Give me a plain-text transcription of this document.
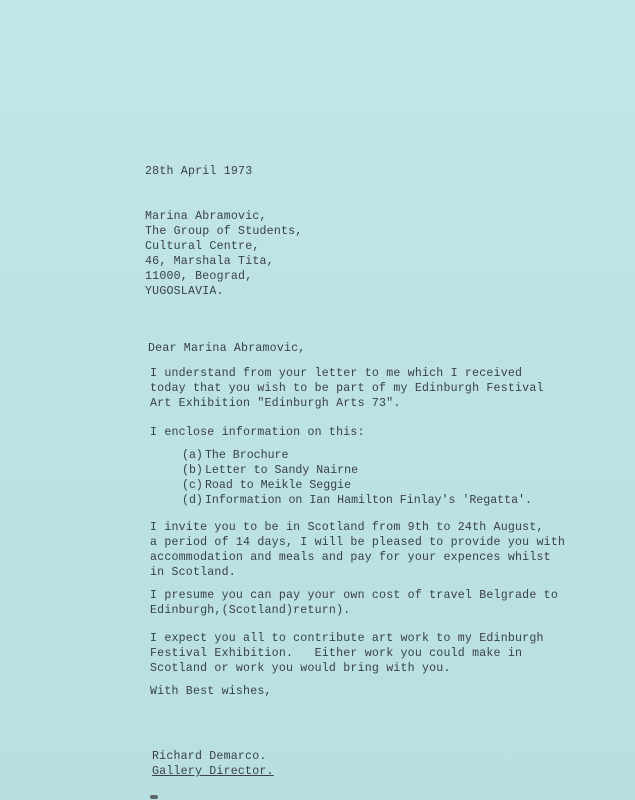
28th April 1973
Marina Abramovic,
The Group of Students,
Cultural Centre,
46, Marshala Tita,
11000, Beograd,
YUGOSLAVIA.
Dear Marina Abramovic,
I understand from your letter to me which I received
today that you wish to be part of my Edinburgh Festival
Art Exhibition "Edinburgh Arts 73".
I enclose information on this:
(a) The Brochure
(b) Letter to Sandy Nairne
(c) Road to Meikle Seggie
(d) Information on Ian Hamilton Finlay's 'Regatta'.
I invite you to be in Scotland from 9th to 24th August,
a period of 14 days, I will be pleased to provide you with
accommodation and meals and pay for your expences whilst
in Scotland.
I presume you can pay your own cost of travel Belgrade to
Edinburgh,(Scotland)return).
I expect you all to contribute art work to my Edinburgh
Festival Exhibition.   Either work you could make in
Scotland or work you would bring with you.
With Best wishes,
Richard Demarco.
Gallery Director.
